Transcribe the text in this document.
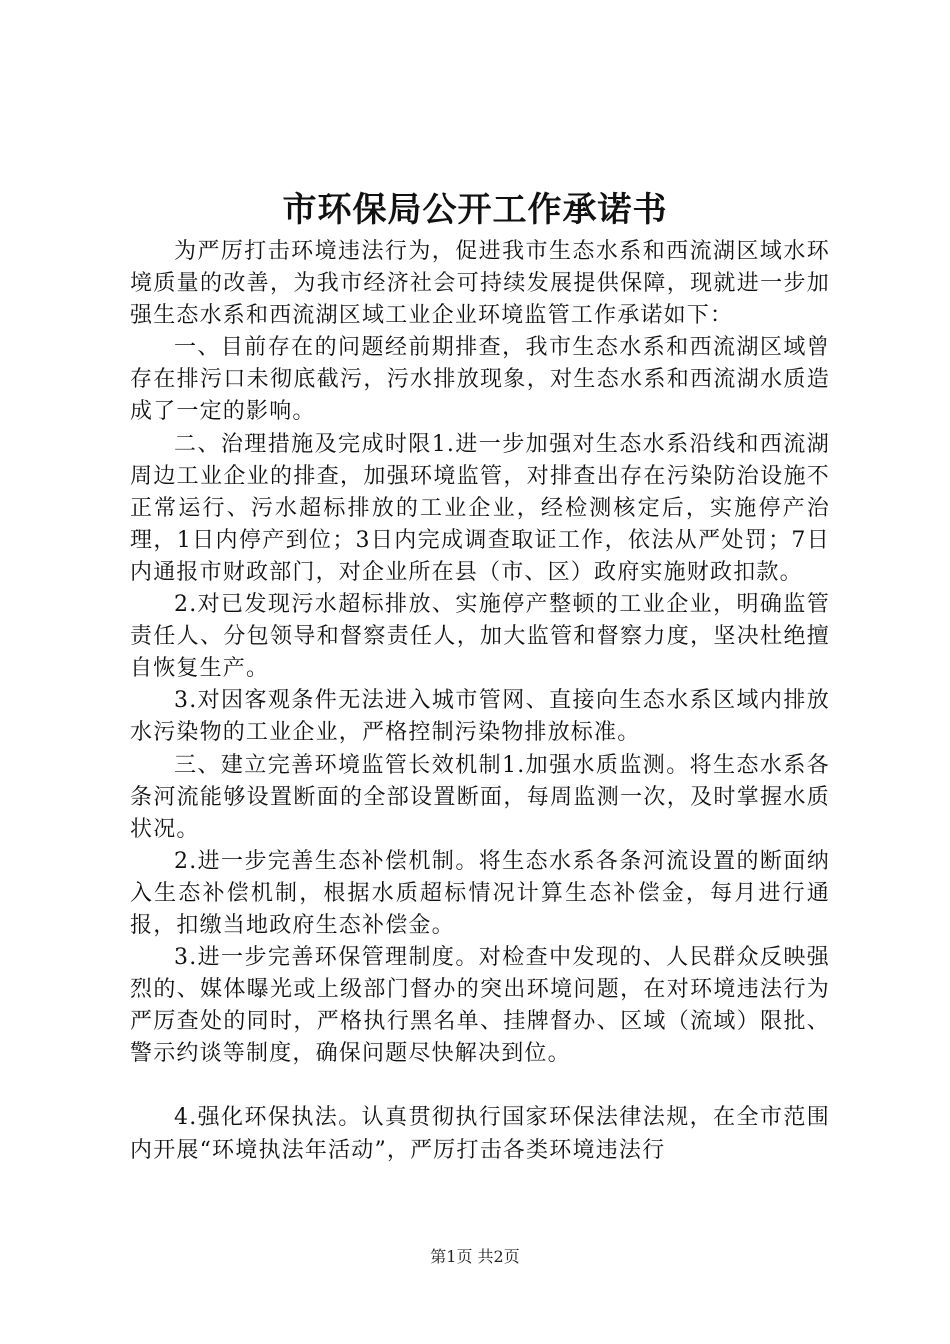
市环保局公开工作承诺书

为严厉打击环境违法行为，促进我市生态水系和西流湖区域水环境质量的改善，为我市经济社会可持续发展提供保障，现就进一步加强生态水系和西流湖区域工业企业环境监管工作承诺如下：

一、目前存在的问题经前期排查，我市生态水系和西流湖区域曾存在排污口未彻底截污，污水排放现象，对生态水系和西流湖水质造成了一定的影响。

二、治理措施及完成时限1.进一步加强对生态水系沿线和西流湖周边工业企业的排查，加强环境监管，对排查出存在污染防治设施不正常运行、污水超标排放的工业企业，经检测核定后，实施停产治理，1日内停产到位；3日内完成调查取证工作，依法从严处罚；7日内通报市财政部门，对企业所在县（市、区）政府实施财政扣款。

2.对已发现污水超标排放、实施停产整顿的工业企业，明确监管责任人、分包领导和督察责任人，加大监管和督察力度，坚决杜绝擅自恢复生产。

3.对因客观条件无法进入城市管网、直接向生态水系区域内排放水污染物的工业企业，严格控制污染物排放标准。

三、建立完善环境监管长效机制1.加强水质监测。将生态水系各条河流能够设置断面的全部设置断面，每周监测一次，及时掌握水质状况。

2.进一步完善生态补偿机制。将生态水系各条河流设置的断面纳入生态补偿机制，根据水质超标情况计算生态补偿金，每月进行通报，扣缴当地政府生态补偿金。

3.进一步完善环保管理制度。对检查中发现的、人民群众反映强烈的、媒体曝光或上级部门督办的突出环境问题，在对环境违法行为严厉查处的同时，严格执行黑名单、挂牌督办、区域（流域）限批、警示约谈等制度，确保问题尽快解决到位。

4.强化环保执法。认真贯彻执行国家环保法律法规，在全市范围内开展“环境执法年活动”，严厉打击各类环境违法行

第1页 共2页
